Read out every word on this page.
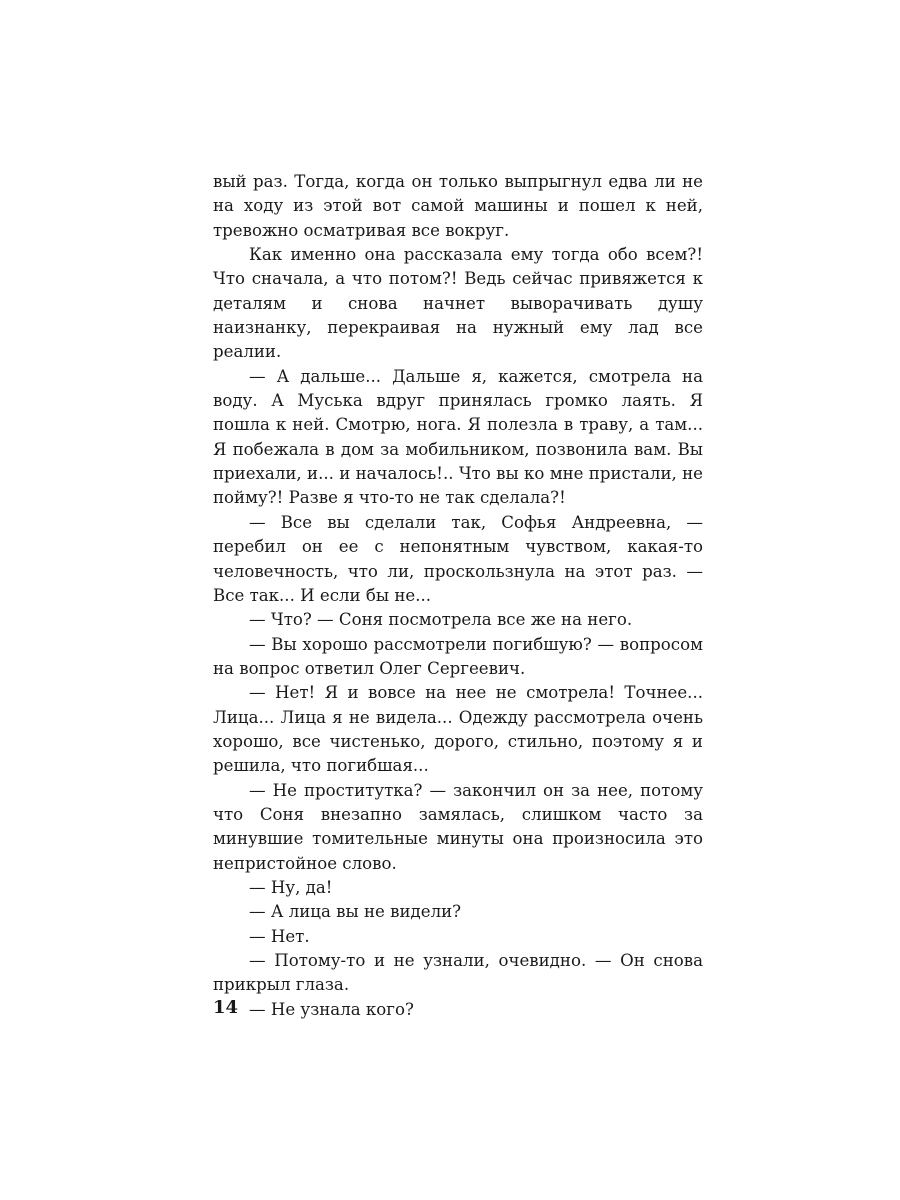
вый раз. Тогда, когда он только выпрыгнул едва ли не на ходу из этой вот самой машины и пошел к ней, тревожно осматривая все вокруг.

Как именно она рассказала ему тогда обо всем?! Что сначала, а что потом?! Ведь сейчас привяжется к деталям и снова начнет выворачивать душу наизнанку, перекраивая на нужный ему лад все реалии.

— А дальше... Дальше я, кажется, смотрела на воду. А Муська вдруг принялась громко лаять. Я пошла к ней. Смотрю, нога. Я полезла в траву, а там... Я побежала в дом за мобильником, позвонила вам. Вы приехали, и... и началось!.. Что вы ко мне пристали, не пойму?! Разве я что-то не так сделала?!

— Все вы сделали так, Софья Андреевна, — перебил он ее с непонятным чувством, какая-то человечность, что ли, проскользнула на этот раз. — Все так... И если бы не...

— Что? — Соня посмотрела все же на него.

— Вы хорошо рассмотрели погибшую? — вопросом на вопрос ответил Олег Сергеевич.

— Нет! Я и вовсе на нее не смотрела! Точнее... Лица... Лица я не видела... Одежду рассмотрела очень хорошо, все чистенько, дорого, стильно, поэтому я и решила, что погибшая...

— Не проститутка? — закончил он за нее, потому что Соня внезапно замялась, слишком часто за минувшие томительные минуты она произносила это непристойное слово.

— Ну, да!

— А лица вы не видели?

— Нет.

— Потому-то и не узнали, очевидно. — Он снова прикрыл глаза.

— Не узнала кого?

14
